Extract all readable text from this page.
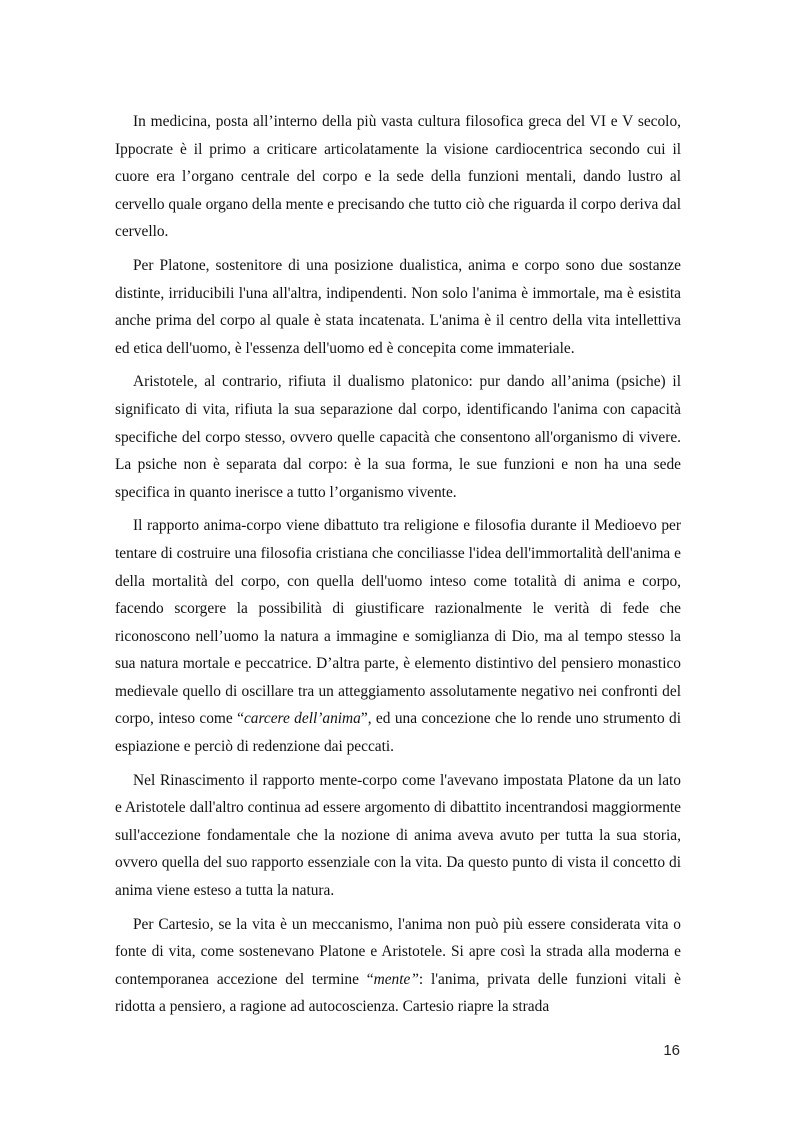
In medicina, posta all’interno della più vasta cultura filosofica greca del VI e V secolo, Ippocrate è il primo a criticare articolatamente la visione cardiocentrica secondo cui il cuore era l’organo centrale del corpo e la sede della funzioni mentali, dando lustro al cervello quale organo della mente e precisando che tutto ciò che riguarda il corpo deriva dal cervello.

Per Platone, sostenitore di una posizione dualistica, anima e corpo sono due sostanze distinte, irriducibili l'una all'altra, indipendenti. Non solo l'anima è immortale, ma è esistita anche prima del corpo al quale è stata incatenata. L'anima è il centro della vita intellettiva ed etica dell'uomo, è l'essenza dell'uomo ed è concepita come immateriale.

Aristotele, al contrario, rifiuta il dualismo platonico: pur dando all’anima (psiche) il significato di vita, rifiuta la sua separazione dal corpo, identificando l'anima con capacità specifiche del corpo stesso, ovvero quelle capacità che consentono all'organismo di vivere. La psiche non è separata dal corpo: è la sua forma, le sue funzioni e non ha una sede specifica in quanto inerisce a tutto l’organismo vivente.

Il rapporto anima-corpo viene dibattuto tra religione e filosofia durante il Medioevo per tentare di costruire una filosofia cristiana che conciliasse l'idea dell'immortalità dell'anima e della mortalità del corpo, con quella dell'uomo inteso come totalità di anima e corpo, facendo scorgere la possibilità di giustificare razionalmente le verità di fede che riconoscono nell’uomo la natura a immagine e somiglianza di Dio, ma al tempo stesso la sua natura mortale e peccatrice. D’altra parte, è elemento distintivo del pensiero monastico medievale quello di oscillare tra un atteggiamento assolutamente negativo nei confronti del corpo, inteso come “carcere dell’anima”, ed una concezione che lo rende uno strumento di espiazione e perciò di redenzione dai peccati.

Nel Rinascimento il rapporto mente-corpo come l'avevano impostata Platone da un lato e Aristotele dall'altro continua ad essere argomento di dibattito incentrandosi maggiormente sull'accezione fondamentale che la nozione di anima aveva avuto per tutta la sua storia, ovvero quella del suo rapporto essenziale con la vita. Da questo punto di vista il concetto di anima viene esteso a tutta la natura.

Per Cartesio, se la vita è un meccanismo, l'anima non può più essere considerata vita o fonte di vita, come sostenevano Platone e Aristotele. Si apre così la strada alla moderna e contemporanea accezione del termine “mente”: l'anima, privata delle funzioni vitali è ridotta a pensiero, a ragione ad autocoscienza. Cartesio riapre la strada

16
